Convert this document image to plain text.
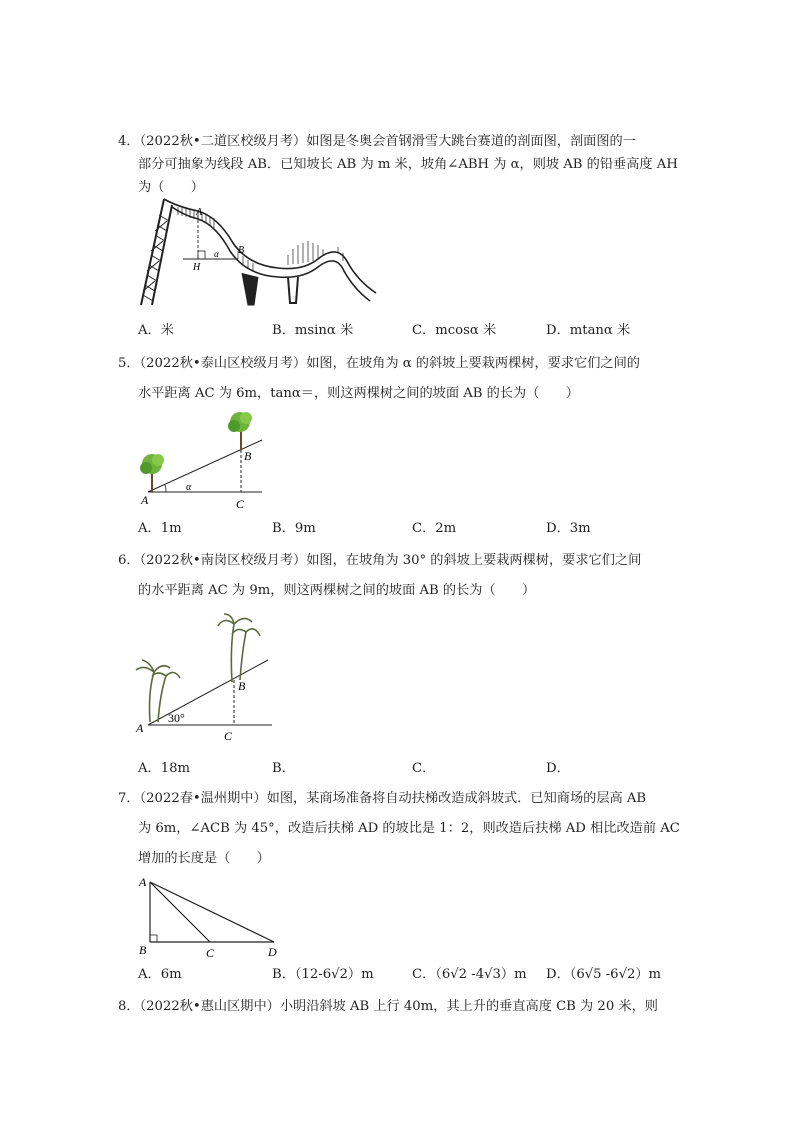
4．（2022秋•二道区校级月考）如图是冬奥会首钢滑雪大跳台赛道的剖面图，剖面图的一
部分可抽象为线段 AB．已知坡长 AB 为 m 米，坡角∠ABH 为 α，则坡 AB 的铅垂高度 AH
为（　　）
A
B
H
α
A．米	B．msinα 米	C．mcosα 米	D．mtanα 米
5．（2022秋•泰山区校级月考）如图，在坡角为 α 的斜坡上要栽两棵树，要求它们之间的
水平距离 AC 为 6m，tanα＝，则这两棵树之间的坡面 AB 的长为（　　）
A
B
C
α
A．1m	B．9m	C．2m	D．3m
6．（2022秋•南岗区校级月考）如图，在坡角为 30° 的斜坡上要栽两棵树，要求它们之间
的水平距离 AC 为 9m，则这两棵树之间的坡面 AB 的长为（　　）
A
B
C
30°
A．18m	B．	C．	D．
7．（2022春•温州期中）如图，某商场准备将自动扶梯改造成斜坡式．已知商场的层高 AB
为 6m，∠ACB 为 45°，改造后扶梯 AD 的坡比是 1：2，则改造后扶梯 AD 相比改造前 AC
增加的长度是（　　）
A
B	C	D
A．6m	B．（12-6√2）m	C．（6√2 -4√3）m D．（6√5 -6√2）m
8．（2022秋•惠山区期中）小明沿斜坡 AB 上行 40m，其上升的垂直高度 CB 为 20 米，则
